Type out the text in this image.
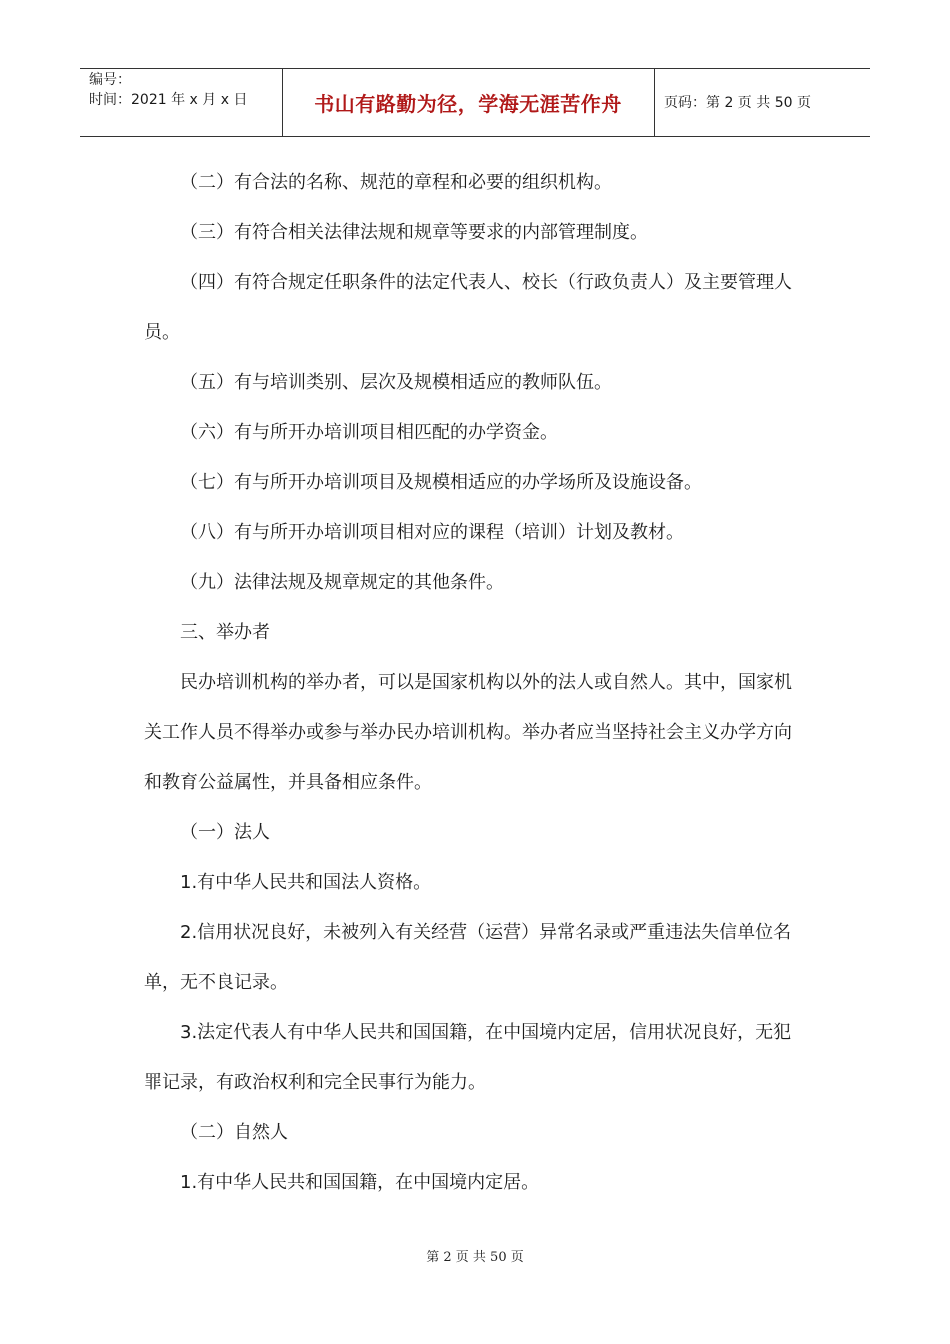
编号：
时间：2021 年 x 月 x 日	书山有路勤为径，学海无涯苦作舟	页码：第 2 页 共 50 页

（二）有合法的名称、规范的章程和必要的组织机构。

（三）有符合相关法律法规和规章等要求的内部管理制度。

（四）有符合规定任职条件的法定代表人、校长（行政负责人）及主要管理人员。

（五）有与培训类别、层次及规模相适应的教师队伍。

（六）有与所开办培训项目相匹配的办学资金。

（七）有与所开办培训项目及规模相适应的办学场所及设施设备。

（八）有与所开办培训项目相对应的课程（培训）计划及教材。

（九）法律法规及规章规定的其他条件。

三、举办者

民办培训机构的举办者，可以是国家机构以外的法人或自然人。其中，国家机关工作人员不得举办或参与举办民办培训机构。举办者应当坚持社会主义办学方向和教育公益属性，并具备相应条件。

（一）法人

1.有中华人民共和国法人资格。

2.信用状况良好，未被列入有关经营（运营）异常名录或严重违法失信单位名单，无不良记录。

3.法定代表人有中华人民共和国国籍，在中国境内定居，信用状况良好，无犯罪记录，有政治权利和完全民事行为能力。

（二）自然人

1.有中华人民共和国国籍，在中国境内定居。

第 2 页 共 50 页
